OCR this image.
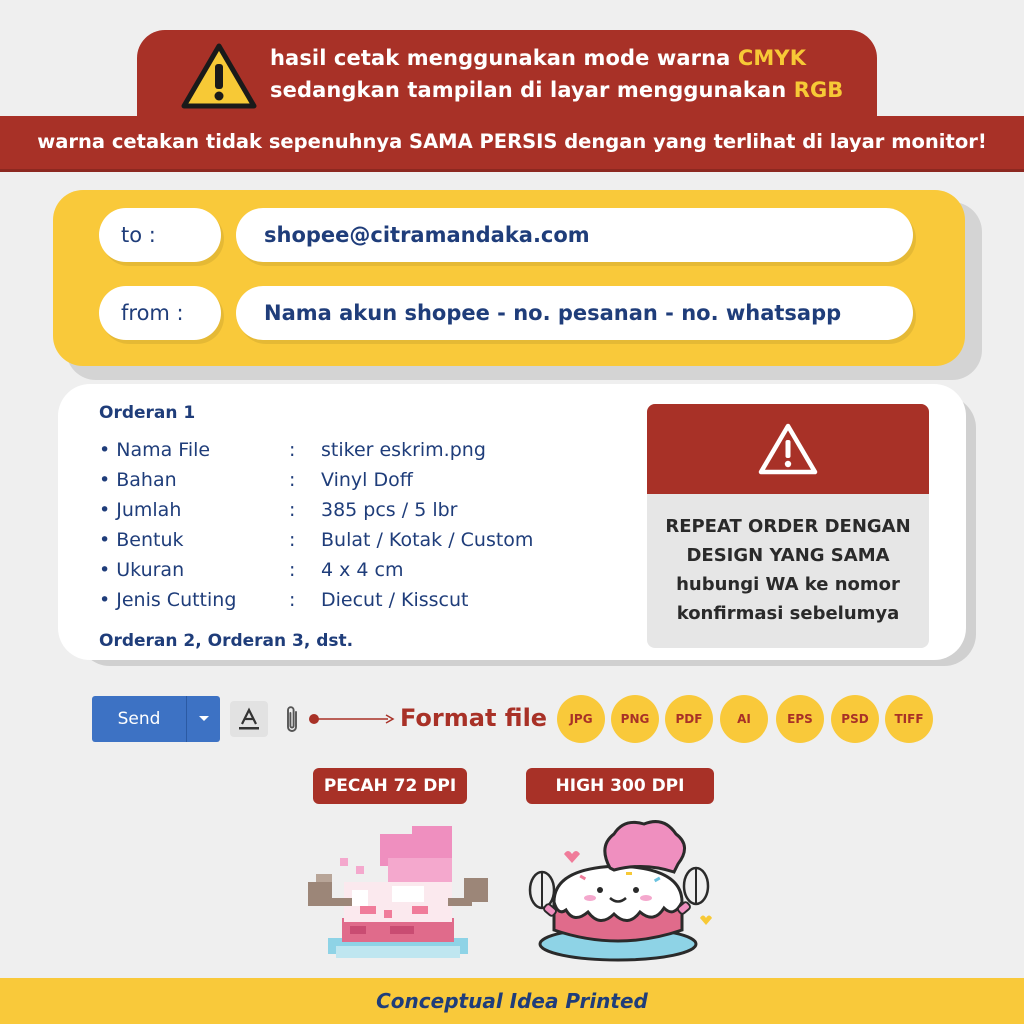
hasil cetak menggunakan mode warna CMYK
sedangkan tampilan di layar menggunakan RGB
warna cetakan tidak sepenuhnya SAMA PERSIS dengan yang terlihat di layar monitor!
to :	shopee@citramandaka.com
from :	Nama akun shopee - no. pesanan - no. whatsapp
Orderan 1
• Nama File	: stiker eskrim.png
• Bahan	: Vinyl Doff
• Jumlah	: 385 pcs / 5 lbr
• Bentuk	: Bulat / Kotak / Custom
• Ukuran	: 4 x 4 cm
• Jenis Cutting	: Diecut / Kisscut
Orderan 2, Orderan 3, dst.
REPEAT ORDER DENGAN
DESIGN YANG SAMA
hubungi WA ke nomor
konfirmasi sebelumya
Send	Format file	JPG	PNG	PDF	AI	EPS	PSD	TIFF
PECAH 72 DPI	HIGH 300 DPI
Conceptual Idea Printed
